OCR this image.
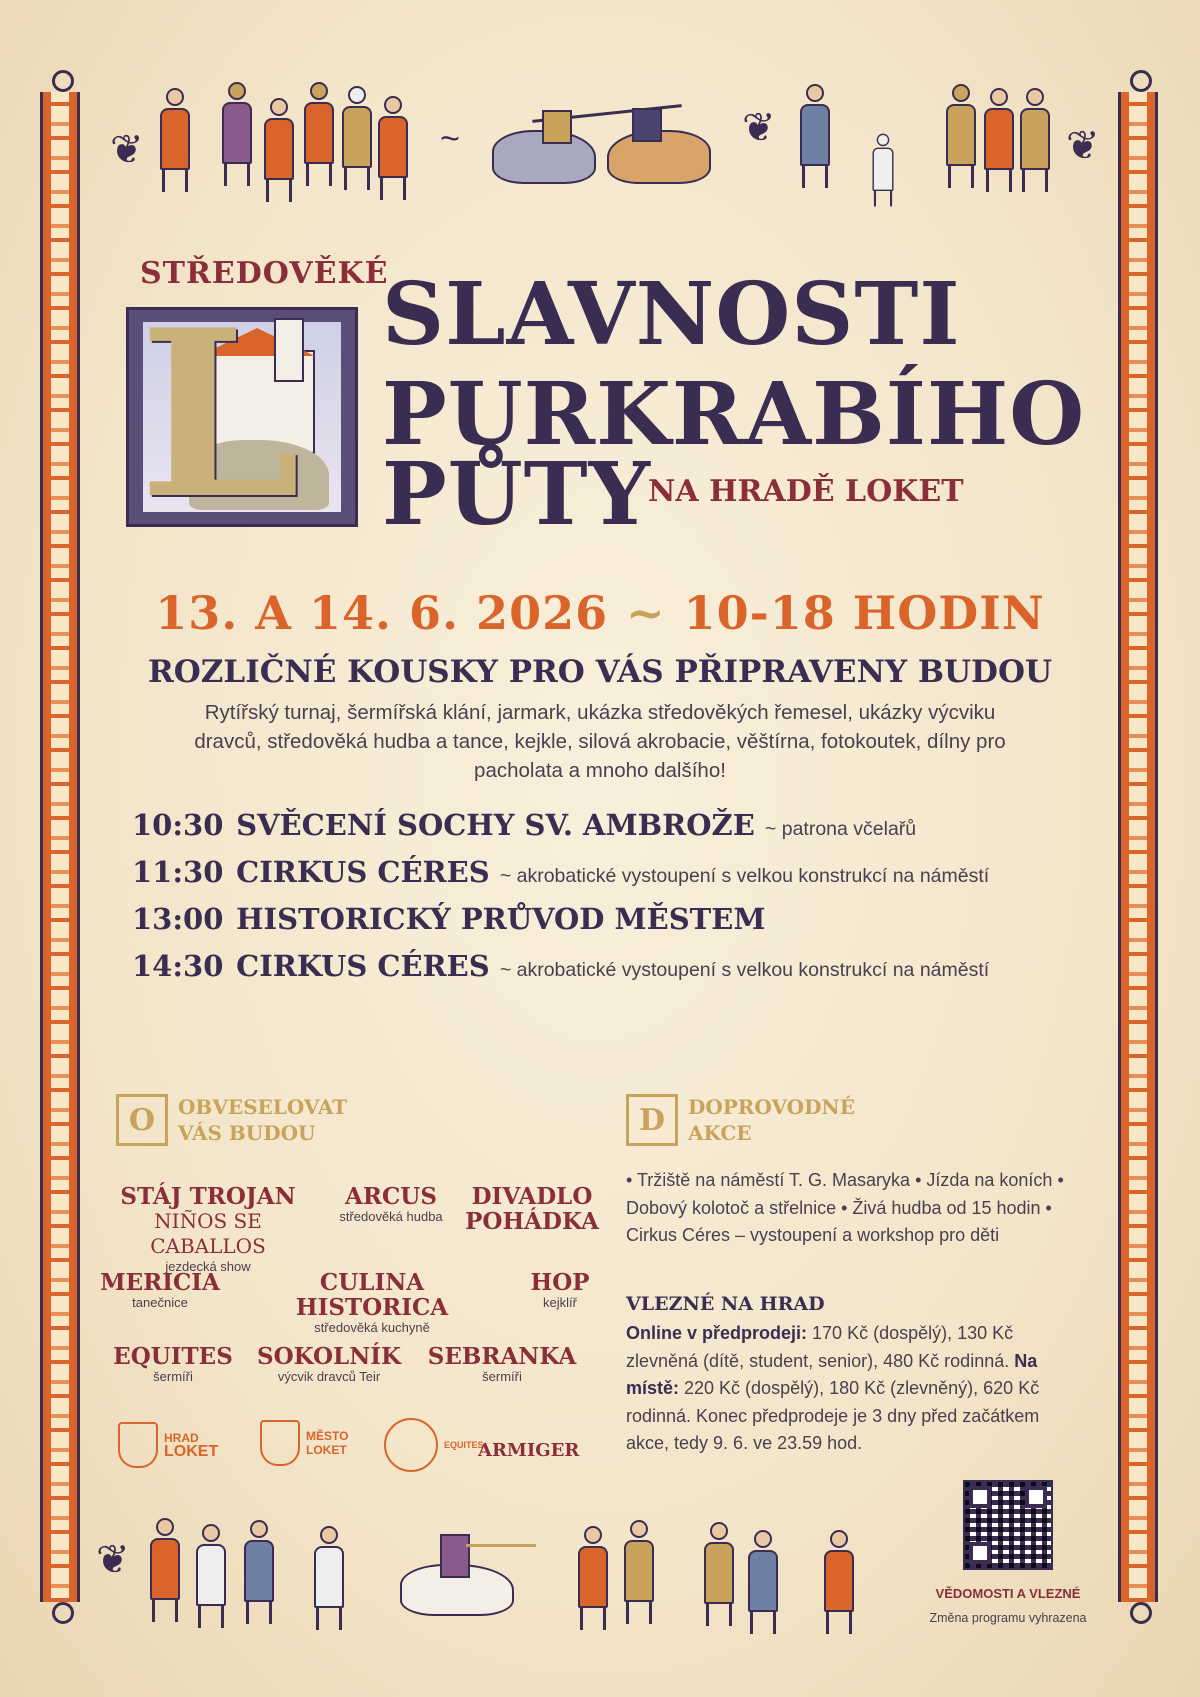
❦	~	❦	❦
STŘEDOVĚKÉ
L SLAVNOSTI
PURKRABÍHO
PŮTY
NA HRADĚ LOKET
13. A 14. 6. 2026 ~ 10-18 HODIN
ROZLIČNÉ KOUSKY PRO VÁS PŘIPRAVENY BUDOU
Rytířský turnaj, šermířská klání, jarmark, ukázka středověkých řemesel, ukázky výcviku dravců, středověká hudba a tance, kejkle, silová akrobacie, věštírna, fotokoutek, dílny pro pacholata a mnoho dalšího!
10:30 SVĚCENÍ SOCHY SV. AMBROŽE ~ patrona včelařů
11:30 CIRKUS CÉRES ~ akrobatické vystoupení s velkou konstrukcí na náměstí
13:00 HISTORICKÝ PRŮVOD MĚSTEM
14:30 CIRKUS CÉRES ~ akrobatické vystoupení s velkou konstrukcí na náměstí
O	OBVESELOVAT VÁS BUDOU
STÁJ TROJAN
NIÑOS SE CABALLOS
jezdecká show
ARCUS
středověká hudba
DIVADLO
POHÁDKA
MERICIA
tanečnice
CULINA HISTORICA
středověká kuchyně
HOP
kejklíř
EQUITES
šermíři
SOKOLNÍK
výcvik dravců Teir
SEBRANKA
šermíři
HRAD
LOKET
MĚSTO
LOKET	EQUITES
ARMIGER
D	DOPROVODNÉ AKCE
• Tržiště na náměstí T. G. Masaryka • Jízda na koních • Dobový kolotoč a střelnice • Živá hudba od 15 hodin • Cirkus Céres – vystoupení a workshop pro děti
VLEZNÉ NA HRAD
Online v předprodeji: 170 Kč (dospělý), 130 Kč zlevněná (dítě, student, senior), 480 Kč rodinná. Na místě: 220 Kč (dospělý), 180 Kč (zlevněný), 620 Kč rodinná. Konec předprodeje je 3 dny před začátkem akce, tedy 9. 6. ve 23.59 hod.
❦
VĚDOMOSTI A VLEZNÉ
Změna programu vyhrazena
